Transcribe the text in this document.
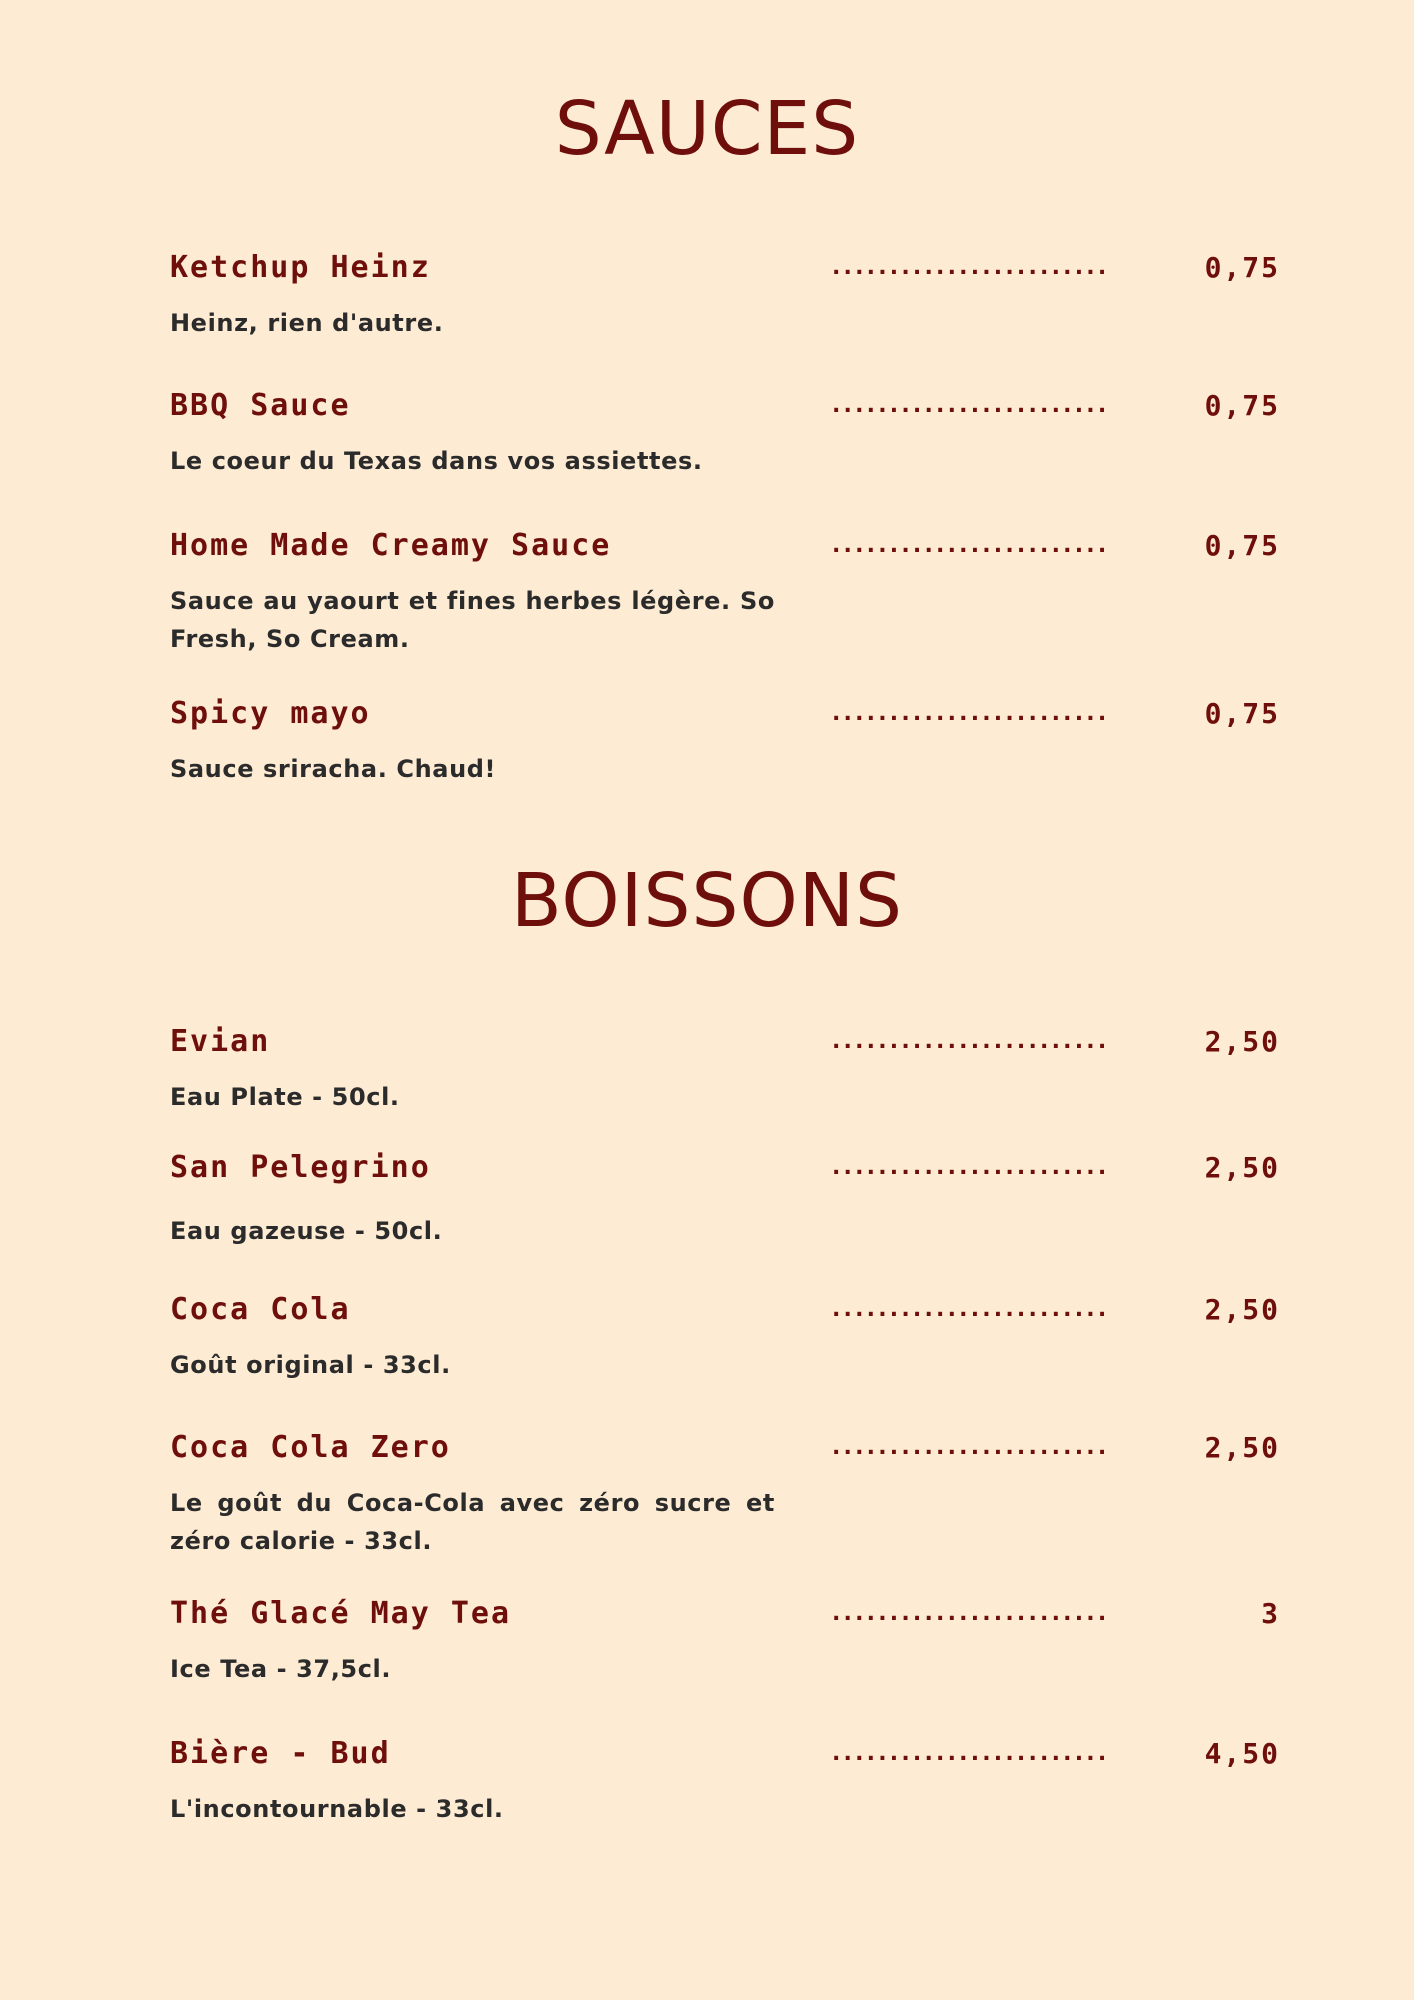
SAUCES
Ketchup Heinz	........................	0,75
Heinz, rien d'autre.
BBQ Sauce	........................	0,75
Le coeur du Texas dans vos assiettes.
Home Made Creamy Sauce	........................	0,75
Sauce au yaourt et fines herbes légère. So Fresh, So Cream.
Spicy mayo	........................	0,75
Sauce sriracha. Chaud!
BOISSONS
Evian	........................	2,50
Eau Plate - 50cl.
San Pelegrino	........................	2,50
Eau gazeuse - 50cl.
Coca Cola	........................	2,50
Goût original - 33cl.
Coca Cola Zero	........................	2,50
Le goût du Coca-Cola avec zéro sucre et zéro calorie - 33cl.
Thé Glacé May Tea	........................	3
Ice Tea - 37,5cl.
Bière - Bud	........................	4,50
L'incontournable - 33cl.
